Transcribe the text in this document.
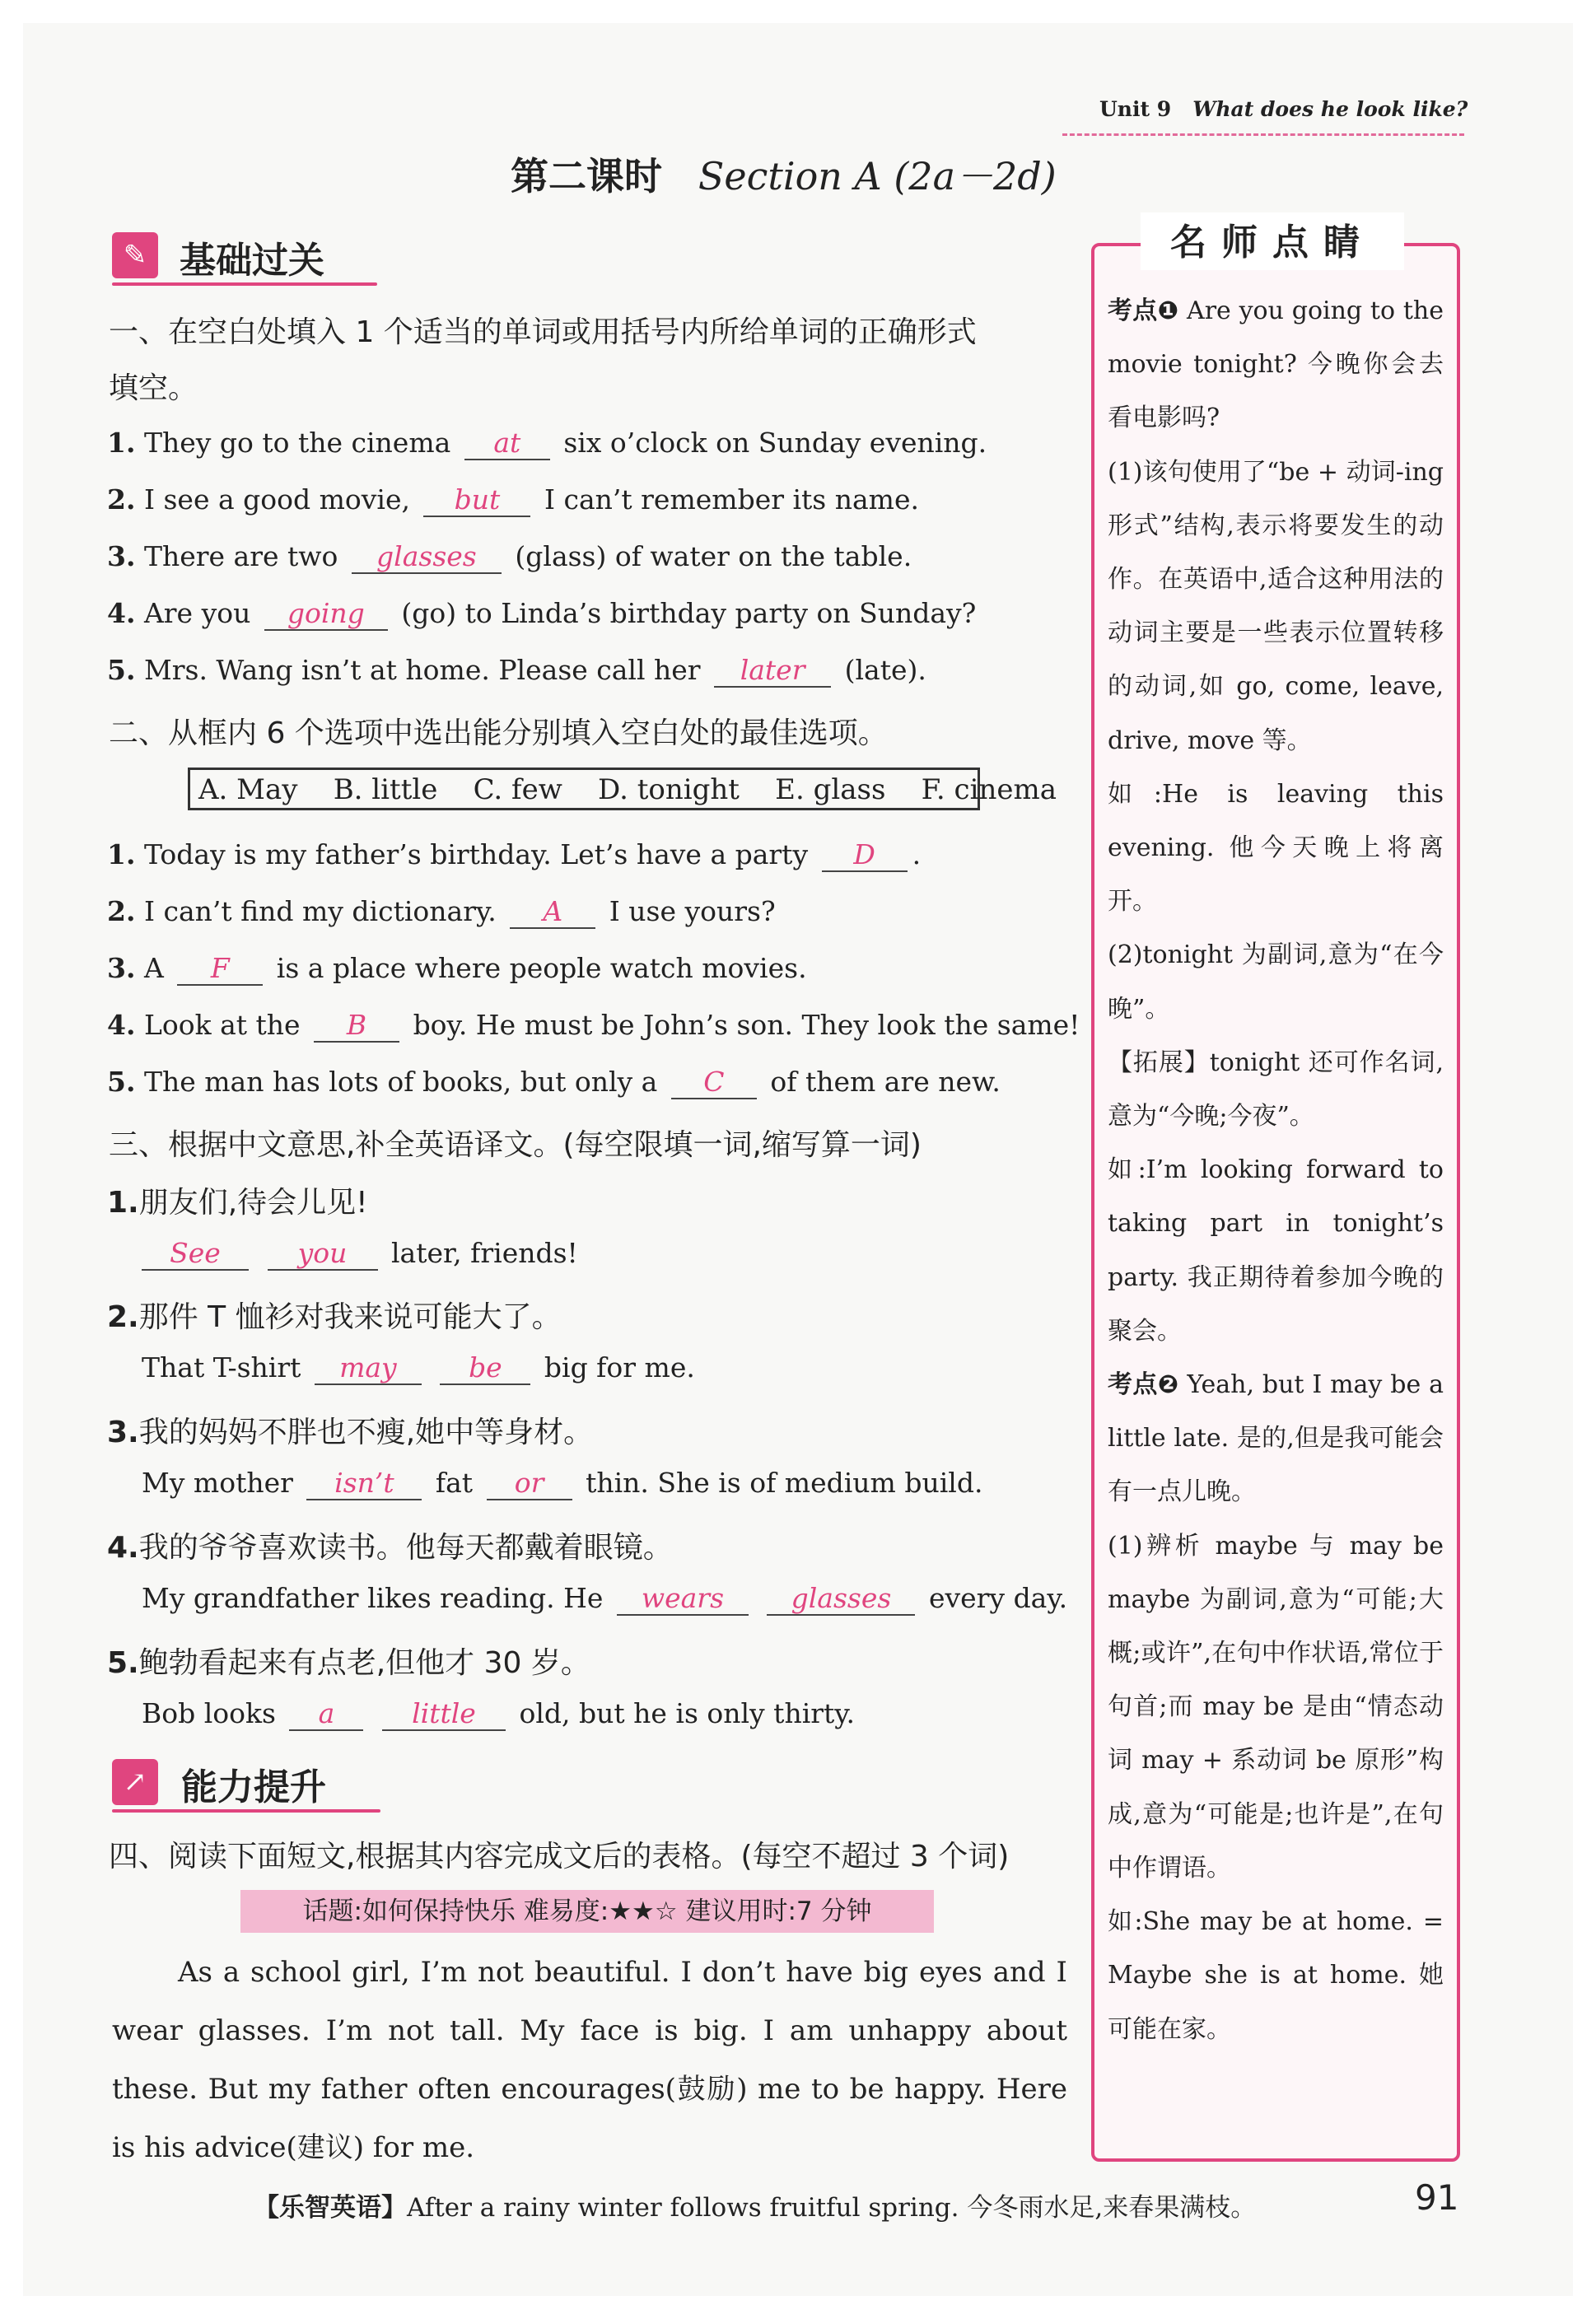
Unit 9 What does he look like?
第二课时 Section A (2a－2d)
✎ 基础过关
一、在空白处填入 1 个适当的单词或用括号内所给单词的正确形式
填空。
1. They go to the cinema at six o’clock on Sunday evening.
2. I see a good movie, but I can’t remember its name.
3. There are two glasses (glass) of water on the table.
4. Are you going (go) to Linda’s birthday party on Sunday?
5. Mrs. Wang isn’t at home. Please call her later (late).
二、从框内 6 个选项中选出能分别填入空白处的最佳选项。
A. May    B. little    C. few    D. tonight    E. glass    F. cinema
1. Today is my father’s birthday. Let’s have a party D .
2. I can’t find my dictionary. A I use yours?
3. A F is a place where people watch movies.
4. Look at the B boy. He must be John’s son. They look the same!
5. The man has lots of books, but only a C of them are new.
三、根据中文意思,补全英语译文。(每空限填一词,缩写算一词)
1.朋友们,待会儿见!
See	you later, friends!
2.那件 T 恤衫对我来说可能大了。
That T-shirt may	be big for me.
3.我的妈妈不胖也不瘦,她中等身材。
My mother isn’t fat or thin. She is of medium build.
4.我的爷爷喜欢读书。他每天都戴着眼镜。
My grandfather likes reading. He wears glasses every day.
5.鲍勃看起来有点老,但他才 30 岁。
Bob looks a	little old, but he is only thirty.
↗ 能力提升
四、阅读下面短文,根据其内容完成文后的表格。(每空不超过 3 个词)
话题:如何保持快乐 难易度:★★☆ 建议用时:7 分钟
As a school girl, I’m not beautiful. I don’t have big eyes and I wear glasses. I’m not tall. My face is big. I am unhappy about these. But my father often encourages(鼓励) me to be happy. Here is his advice(建议) for me.
名师点睛
考点❶ Are you going to the movie tonight? 今晚你会去看电影吗?
(1)该句使用了“be + 动词-ing 形式”结构,表示将要发生的动作。在英语中,适合这种用法的动词主要是一些表示位置转移的动词,如 go, come, leave, drive, move 等。
如:He is leaving this evening. 他今天晚上将离开。
(2)tonight 为副词,意为“在今晚”。
【拓展】tonight 还可作名词,意为“今晚;今夜”。
如:I’m looking forward to taking part in tonight’s party. 我正期待着参加今晚的聚会。
考点❷ Yeah, but I may be a little late. 是的,但是我可能会有一点儿晚。
(1)辨析 maybe 与 may be maybe 为副词,意为“可能;大概;或许”,在句中作状语,常位于句首;而 may be 是由“情态动词 may + 系动词 be 原形”构成,意为“可能是;也许是”,在句中作谓语。
如:She may be at home. = Maybe she is at home. 她可能在家。
【乐智英语】After a rainy winter follows fruitful spring. 今冬雨水足,来春果满枝。	91
